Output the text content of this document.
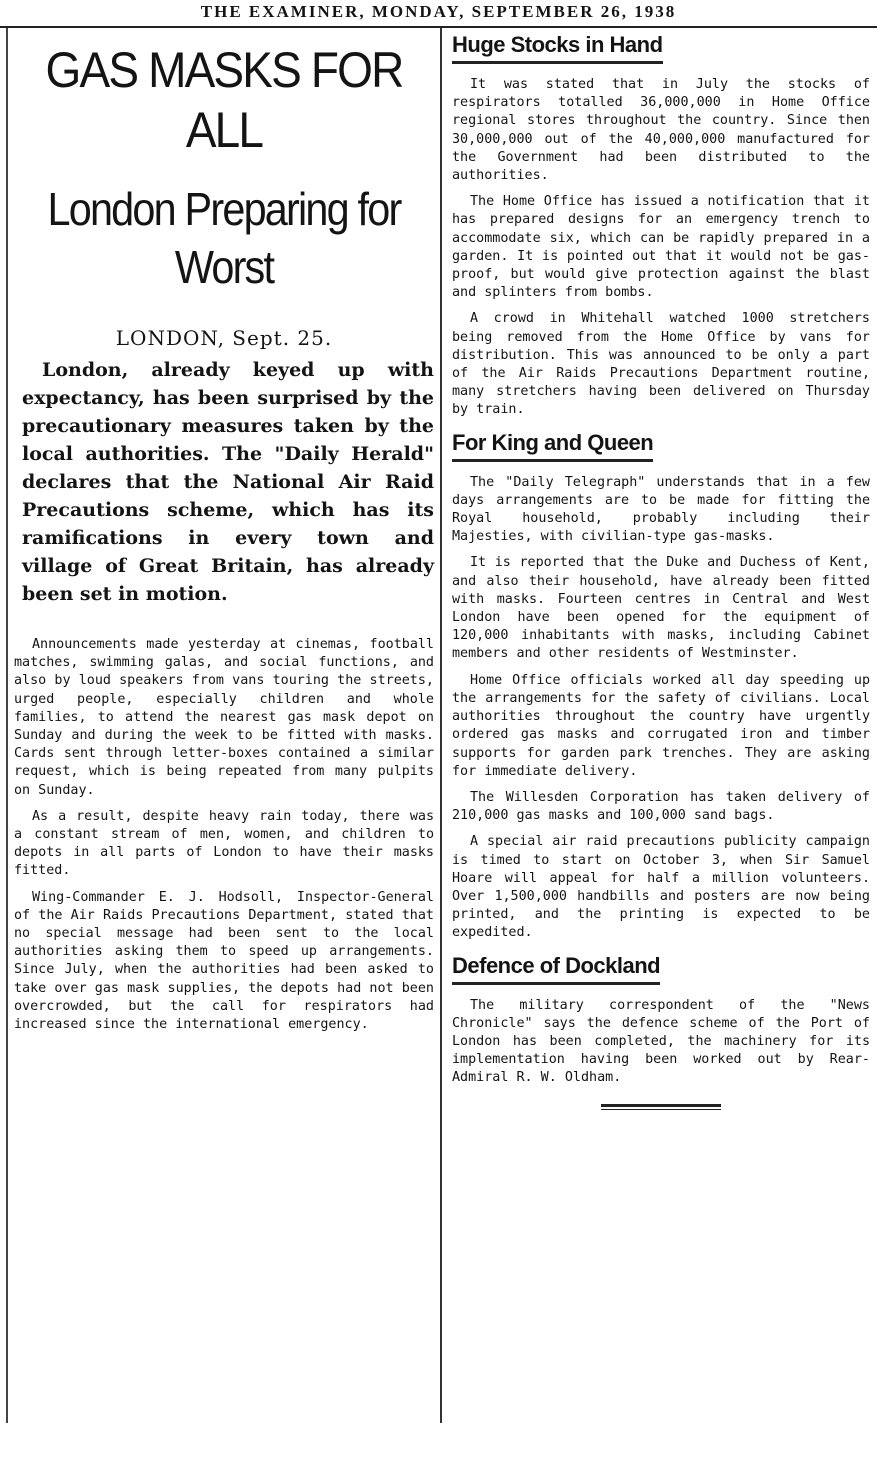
THE EXAMINER, MONDAY, SEPTEMBER 26, 1938
GAS MASKS FOR ALL
London Preparing for Worst
LONDON, Sept. 25.
London, already keyed up with expectancy, has been surprised by the precautionary measures taken by the local authorities. The "Daily Herald" declares that the National Air Raid Precautions scheme, which has its ramifications in every town and village of Great Britain, has already been set in motion.

Announcements made yesterday at cinemas, football matches, swimming galas, and social functions, and also by loud speakers from vans touring the streets, urged people, especially children and whole families, to attend the nearest gas mask depot on Sunday and during the week to be fitted with masks. Cards sent through letter-boxes contained a similar request, which is being repeated from many pulpits on Sunday.

As a result, despite heavy rain today, there was a constant stream of men, women, and children to depots in all parts of London to have their masks fitted.

Wing-Commander E. J. Hodsoll, Inspector-General of the Air Raids Precautions Department, stated that no special message had been sent to the local authorities asking them to speed up arrangements. Since July, when the authorities had been asked to take over gas mask supplies, the depots had not been overcrowded, but the call for respirators had increased since the international emergency.

Huge Stocks in Hand

It was stated that in July the stocks of respirators totalled 36,000,000 in Home Office regional stores throughout the country. Since then 30,000,000 out of the 40,000,000 manufactured for the Government had been distributed to the authorities.

The Home Office has issued a notification that it has prepared designs for an emergency trench to accommodate six, which can be rapidly prepared in a garden. It is pointed out that it would not be gas-proof, but would give protection against the blast and splinters from bombs.

A crowd in Whitehall watched 1000 stretchers being removed from the Home Office by vans for distribution. This was announced to be only a part of the Air Raids Precautions Department routine, many stretchers having been delivered on Thursday by train.

For King and Queen

The "Daily Telegraph" understands that in a few days arrangements are to be made for fitting the Royal household, probably including their Majesties, with civilian-type gas-masks.

It is reported that the Duke and Duchess of Kent, and also their household, have already been fitted with masks. Fourteen centres in Central and West London have been opened for the equipment of 120,000 inhabitants with masks, including Cabinet members and other residents of Westminster.

Home Office officials worked all day speeding up the arrangements for the safety of civilians. Local authorities throughout the country have urgently ordered gas masks and corrugated iron and timber supports for garden park trenches. They are asking for immediate delivery.

The Willesden Corporation has taken delivery of 210,000 gas masks and 100,000 sand bags.

A special air raid precautions publicity campaign is timed to start on October 3, when Sir Samuel Hoare will appeal for half a million volunteers. Over 1,500,000 handbills and posters are now being printed, and the printing is expected to be expedited.

Defence of Dockland

The military correspondent of the "News Chronicle" says the defence scheme of the Port of London has been completed, the machinery for its implementation having been worked out by Rear-Admiral R. W. Oldham.
